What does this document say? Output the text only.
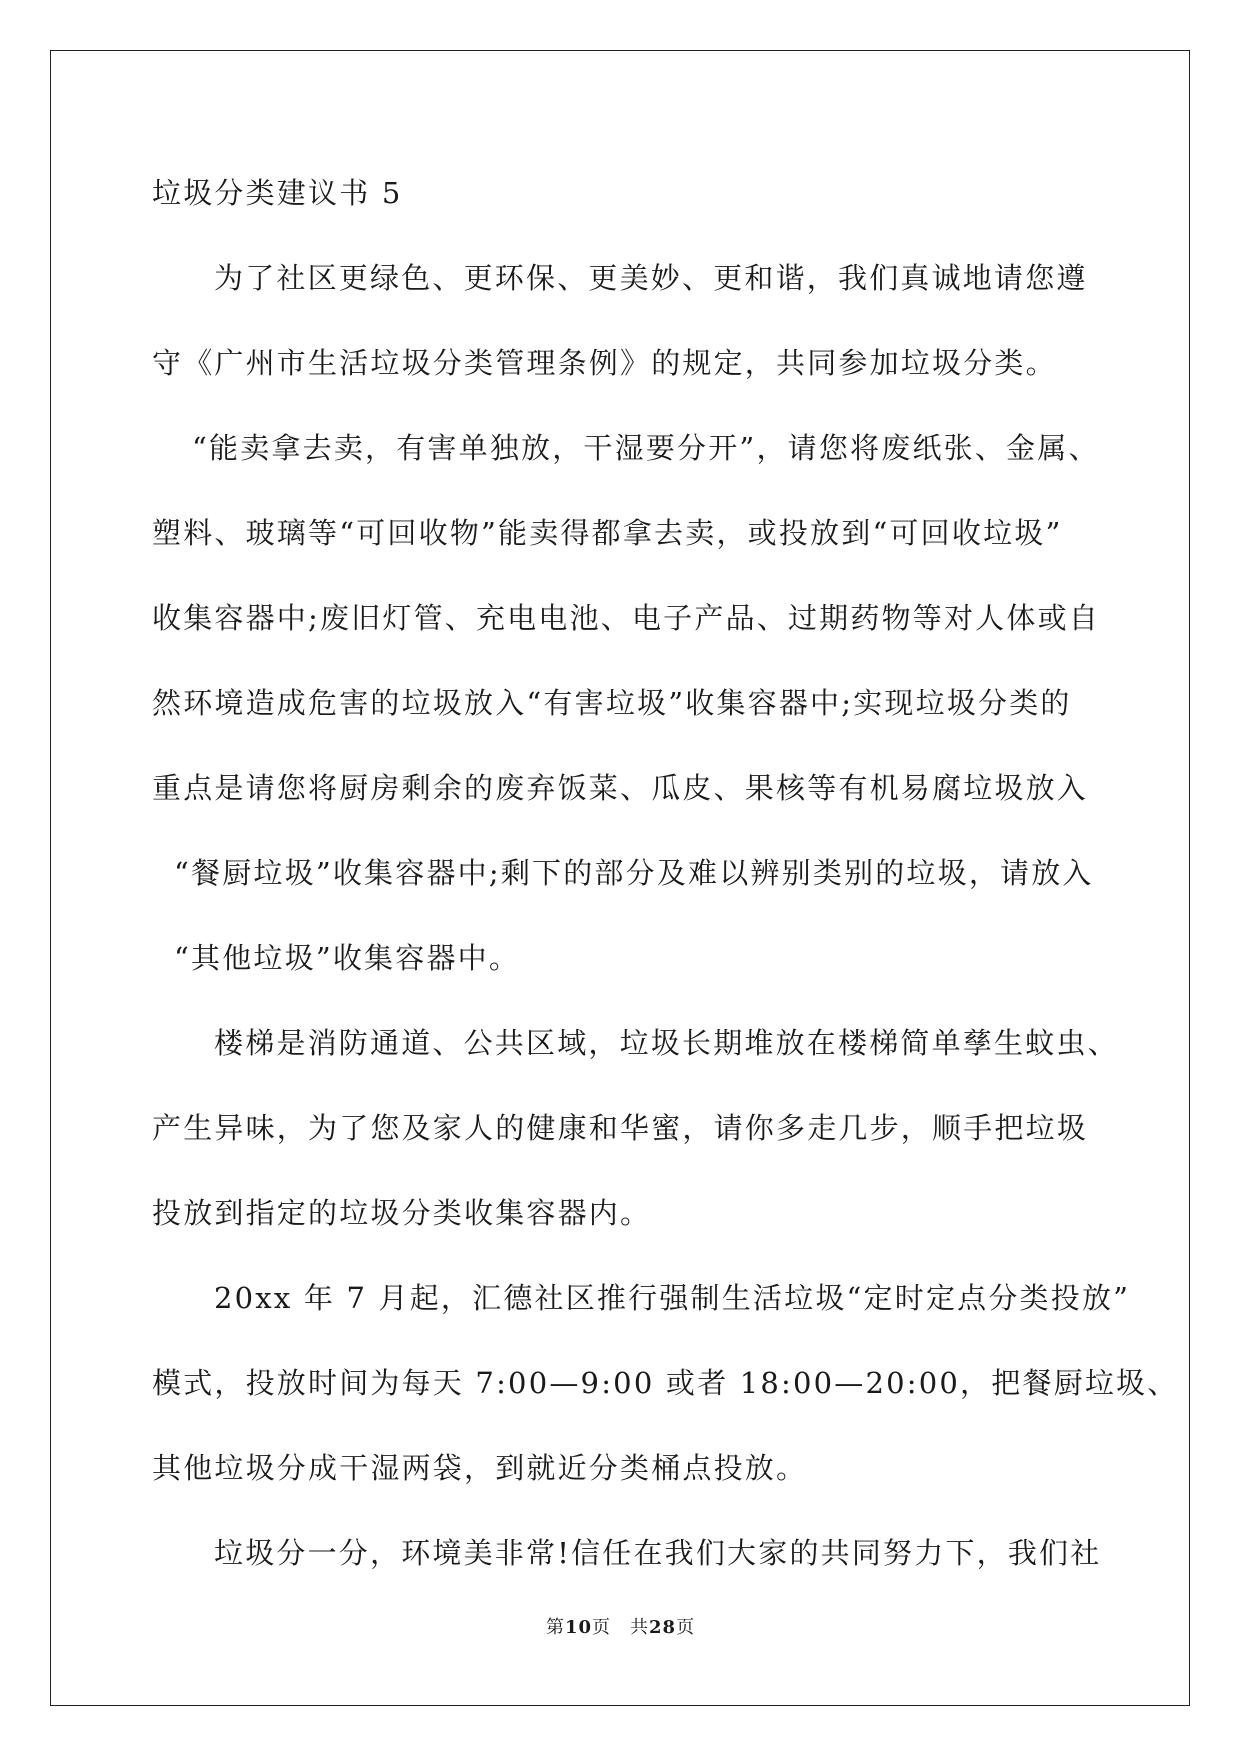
垃圾分类建议书 5
为了社区更绿色、更环保、更美妙、更和谐，我们真诚地请您遵
守《广州市生活垃圾分类管理条例》的规定，共同参加垃圾分类。
“能卖拿去卖，有害单独放，干湿要分开”，请您将废纸张、金属、
塑料、玻璃等“可回收物”能卖得都拿去卖，或投放到“可回收垃圾”
收集容器中;废旧灯管、充电电池、电子产品、过期药物等对人体或自
然环境造成危害的垃圾放入“有害垃圾”收集容器中;实现垃圾分类的
重点是请您将厨房剩余的废弃饭菜、瓜皮、果核等有机易腐垃圾放入
“餐厨垃圾”收集容器中;剩下的部分及难以辨别类别的垃圾，请放入
“其他垃圾”收集容器中。
楼梯是消防通道、公共区域，垃圾长期堆放在楼梯简单孳生蚊虫、
产生异味，为了您及家人的健康和华蜜，请你多走几步，顺手把垃圾
投放到指定的垃圾分类收集容器内。
20xx 年 7 月起，汇德社区推行强制生活垃圾“定时定点分类投放”
模式，投放时间为每天 7:00—9:00 或者 18:00—20:00，把餐厨垃圾、
其他垃圾分成干湿两袋，到就近分类桶点投放。
垃圾分一分，环境美非常!信任在我们大家的共同努力下，我们社
第10页　共28页
